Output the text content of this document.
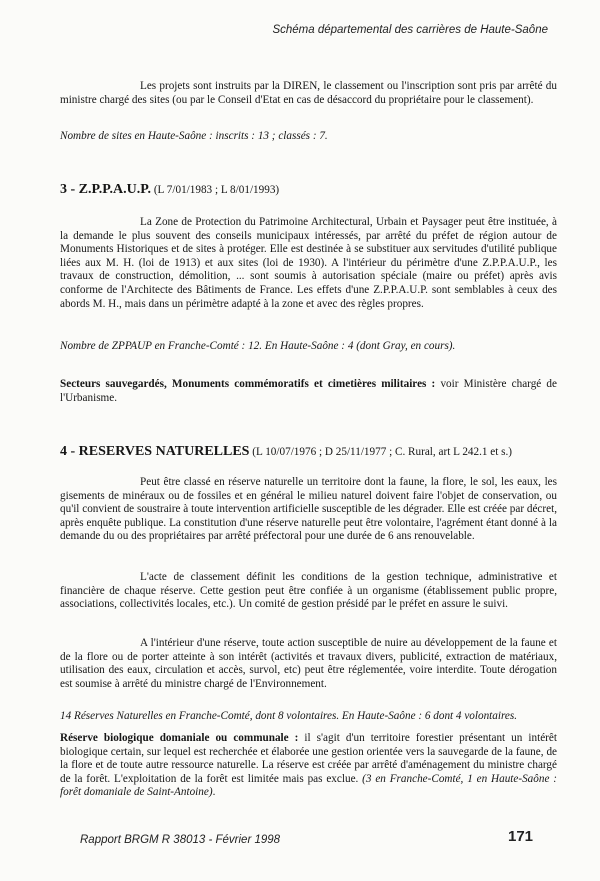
Schéma départemental des carrières de Haute-Saône
Les projets sont instruits par la DIREN, le classement ou l'inscription sont pris par arrêté du ministre chargé des sites (ou par le Conseil d'Etat en cas de désaccord du propriétaire pour le classement).
Nombre de sites en Haute-Saône : inscrits : 13 ; classés : 7.
3 - Z.P.P.A.U.P. (L 7/01/1983 ; L 8/01/1993)
La Zone de Protection du Patrimoine Architectural, Urbain et Paysager peut être instituée, à la demande le plus souvent des conseils municipaux intéressés, par arrêté du préfet de région autour de Monuments Historiques et de sites à protéger. Elle est destinée à se substituer aux servitudes d'utilité publique liées aux M. H. (loi de 1913) et aux sites (loi de 1930). A l'intérieur du périmètre d'une Z.P.P.A.U.P., les travaux de construction, démolition, ... sont soumis à autorisation spéciale (maire ou préfet) après avis conforme de l'Architecte des Bâtiments de France. Les effets d'une Z.P.P.A.U.P. sont semblables à ceux des abords M. H., mais dans un périmètre adapté à la zone et avec des règles propres.
Nombre de ZPPAUP en Franche-Comté : 12. En Haute-Saône : 4 (dont Gray, en cours).
Secteurs sauvegardés, Monuments commémoratifs et cimetières militaires : voir Ministère chargé de l'Urbanisme.
4 - RESERVES NATURELLES (L 10/07/1976 ; D 25/11/1977 ; C. Rural, art L 242.1 et s.)
Peut être classé en réserve naturelle un territoire dont la faune, la flore, le sol, les eaux, les gisements de minéraux ou de fossiles et en général le milieu naturel doivent faire l'objet de conservation, ou qu'il convient de soustraire à toute intervention artificielle susceptible de les dégrader. Elle est créée par décret, après enquête publique. La constitution d'une réserve naturelle peut être volontaire, l'agrément étant donné à la demande du ou des propriétaires par arrêté préfectoral pour une durée de 6 ans renouvelable.
L'acte de classement définit les conditions de la gestion technique, administrative et financière de chaque réserve. Cette gestion peut être confiée à un organisme (établissement public propre, associations, collectivités locales, etc.). Un comité de gestion présidé par le préfet en assure le suivi.
A l'intérieur d'une réserve, toute action susceptible de nuire au développement de la faune et de la flore ou de porter atteinte à son intérêt (activités et travaux divers, publicité, extraction de matériaux, utilisation des eaux, circulation et accès, survol, etc) peut être réglementée, voire interdite. Toute dérogation est soumise à arrêté du ministre chargé de l'Environnement.
14 Réserves Naturelles en Franche-Comté, dont 8 volontaires. En Haute-Saône : 6 dont 4 volontaires.
Réserve biologique domaniale ou communale : il s'agit d'un territoire forestier présentant un intérêt biologique certain, sur lequel est recherchée et élaborée une gestion orientée vers la sauvegarde de la faune, de la flore et de toute autre ressource naturelle. La réserve est créée par arrêté d'aménagement du ministre chargé de la forêt. L'exploitation de la forêt est limitée mais pas exclue. (3 en Franche-Comté, 1 en Haute-Saône : forêt domaniale de Saint-Antoine).
Rapport BRGM R 38013 - Février 1998	171
